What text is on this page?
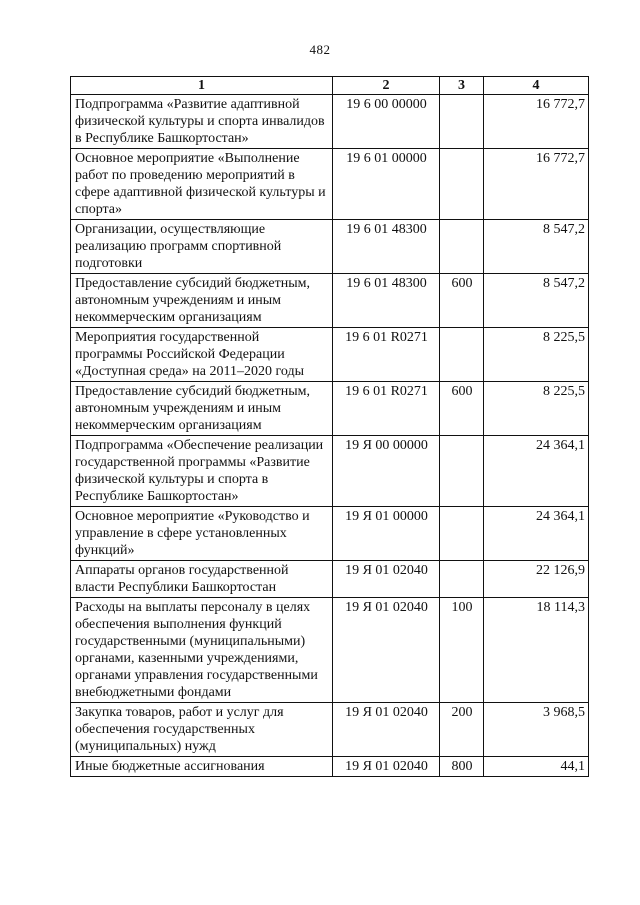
482
1	2	3	4
Подпрограмма «Развитие адаптивной физической культуры и спорта инвалидов в Республике Башкортостан»	19 6 00 00000		16 772,7
Основное мероприятие «Выполнение работ по проведению мероприятий в сфере адаптивной физической культуры и спорта»	19 6 01 00000		16 772,7
Организации, осуществляющие реализацию программ спортивной подготовки	19 6 01 48300		8 547,2
Предоставление субсидий бюджетным, автономным учреждениям и иным некоммерческим организациям	19 6 01 48300	600	8 547,2
Мероприятия государственной программы Российской Федерации «Доступная среда» на 2011–2020 годы	19 6 01 R0271		8 225,5
Предоставление субсидий бюджетным, автономным учреждениям и иным некоммерческим организациям	19 6 01 R0271	600	8 225,5
Подпрограмма «Обеспечение реализации государственной программы «Развитие физической культуры и спорта в Республике Башкортостан»	19 Я 00 00000		24 364,1
Основное мероприятие «Руководство и управление в сфере установленных функций»	19 Я 01 00000		24 364,1
Аппараты органов государственной власти Республики Башкортостан	19 Я 01 02040		22 126,9
Расходы на выплаты персоналу в целях обеспечения выполнения функций государственными (муниципальными) органами, казенными учреждениями, органами управления государственными внебюджетными фондами	19 Я 01 02040	100	18 114,3
Закупка товаров, работ и услуг для обеспечения государственных (муниципальных) нужд	19 Я 01 02040	200	3 968,5
Иные бюджетные ассигнования	19 Я 01 02040	800	44,1
